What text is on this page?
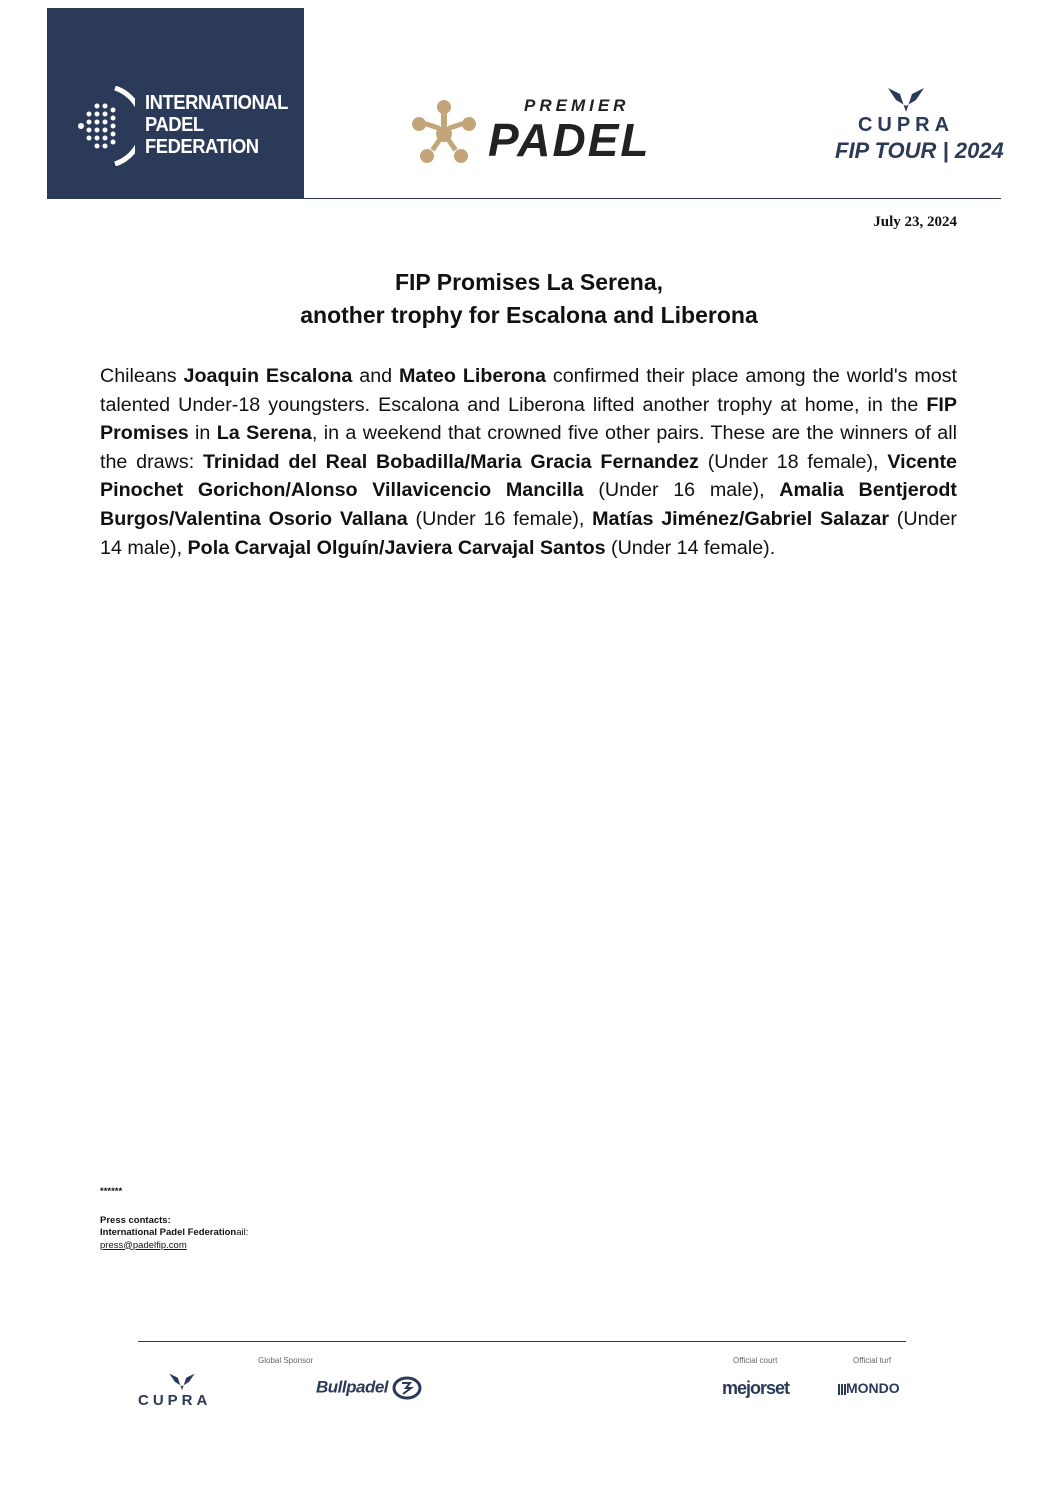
INTERNATIONAL
PADEL
FEDERATION
PREMIER
PADEL	CUPRA
FIP TOUR | 2024
July 23, 2024
FIP Promises La Serena,
another trophy for Escalona and Liberona
Chileans Joaquin Escalona and Mateo Liberona confirmed their place among the world's most talented Under-18 youngsters. Escalona and Liberona lifted another trophy at home, in the FIP Promises in La Serena, in a weekend that crowned five other pairs. These are the winners of all the draws: Trinidad del Real Bobadilla/Maria Gracia Fernandez (Under 18 female), Vicente Pinochet Gorichon/Alonso Villavicencio Mancilla (Under 16 male), Amalia Bentjerodt Burgos/Valentina Osorio Vallana (Under 16 female), Matías Jiménez/Gabriel Salazar (Under 14 male), Pola Carvajal Olguín/Javiera Carvajal Santos (Under 14 female).
******
Press contacts:
International Padel Federationail:
press@padelfip.com
Global Sponsor	Official court	Official turf
CUPRA
Bullpadel	mejorset	MONDO
